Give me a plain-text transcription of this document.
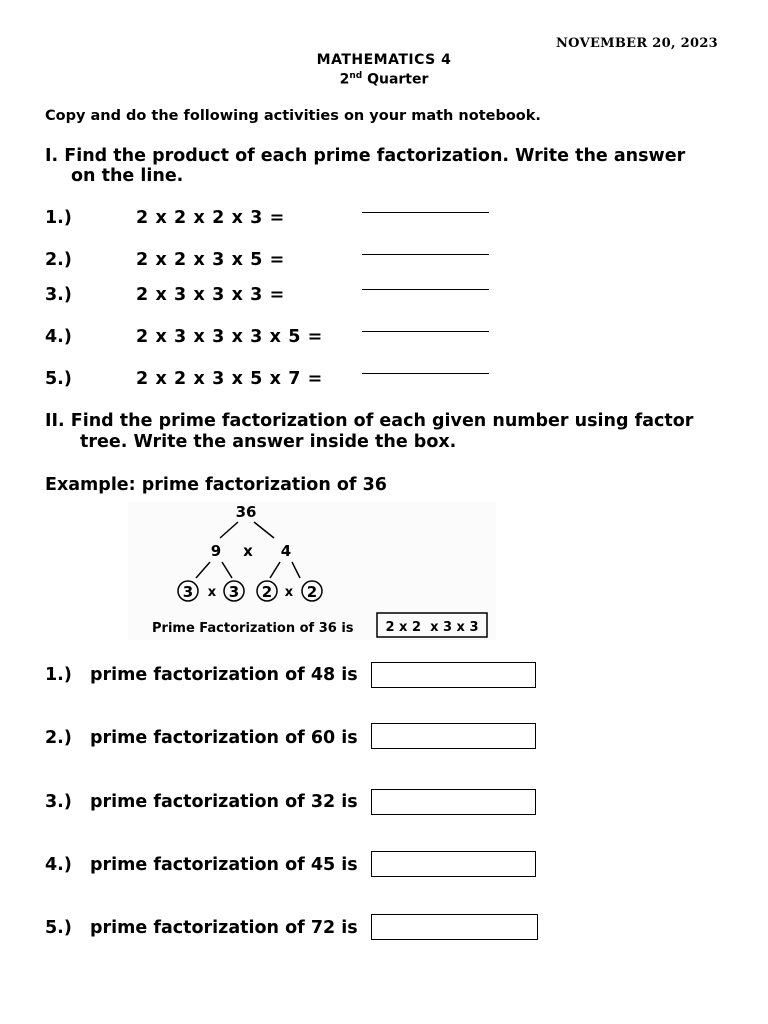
NOVEMBER 20, 2023
MATHEMATICS 4
2nd Quarter
Copy and do the following activities on your math notebook.
I. Find the product of each prime factorization. Write the answer
on the line.
1.)	2 x 2 x 2 x 3 =
2.)	2 x 2 x 3 x 5 =
3.)	2 x 3 x 3 x 3 =
4.)	2 x 3 x 3 x 3 x 5 =
5.)	2 x 2 x 3 x 5 x 7 =
II. Find the prime factorization of each given number using factor
tree. Write the answer inside the box.
Example: prime factorization of 36
36
9 x 4
3 x 3 2 x 2
Prime Factorization of 36 is 2 x 2  x 3 x 3
1.) prime factorization of 48 is
2.) prime factorization of 60 is
3.) prime factorization of 32 is
4.) prime factorization of 45 is
5.) prime factorization of 72 is
